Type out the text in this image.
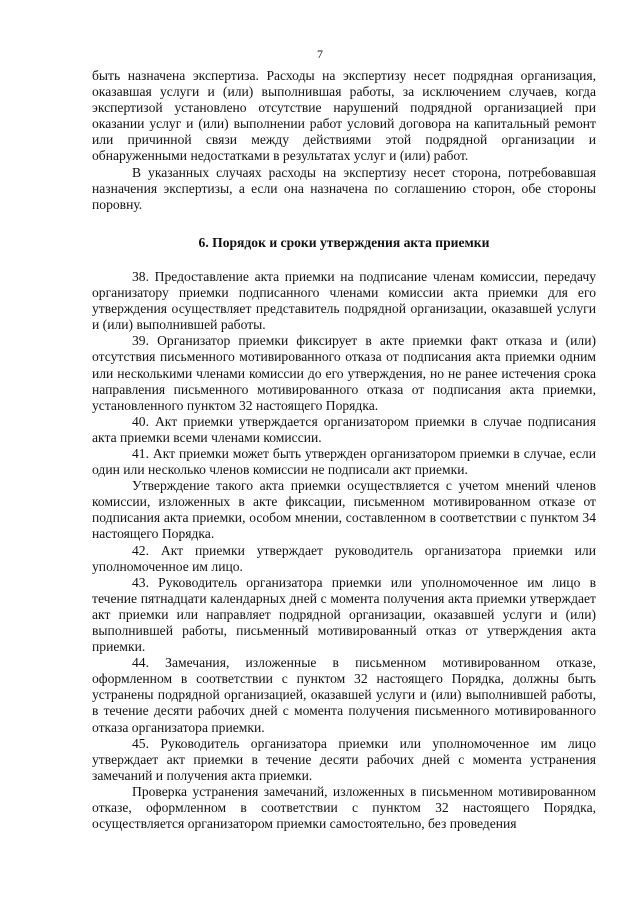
7

быть назначена экспертиза. Расходы на экспертизу несет подрядная организация, оказавшая услуги и (или) выполнившая работы, за исключением случаев, когда экспертизой установлено отсутствие нарушений подрядной организацией при оказании услуг и (или) выполнении работ условий договора на капитальный ремонт или причинной связи между действиями этой подрядной организации и обнаруженными недостатками в результатах услуг и (или) работ.

В указанных случаях расходы на экспертизу несет сторона, потребовавшая назначения экспертизы, а если она назначена по соглашению сторон, обе стороны поровну.

6. Порядок и сроки утверждения акта приемки

38. Предоставление акта приемки на подписание членам комиссии, передачу организатору приемки подписанного членами комиссии акта приемки для его утверждения осуществляет представитель подрядной организации, оказавшей услуги и (или) выполнившей работы.

39. Организатор приемки фиксирует в акте приемки факт отказа и (или) отсутствия письменного мотивированного отказа от подписания акта приемки одним или несколькими членами комиссии до его утверждения, но не ранее истечения срока направления письменного мотивированного отказа от подписания акта приемки, установленного пунктом 32 настоящего Порядка.

40. Акт приемки утверждается организатором приемки в случае подписания акта приемки всеми членами комиссии.

41. Акт приемки может быть утвержден организатором приемки в случае, если один или несколько членов комиссии не подписали акт приемки.

Утверждение такого акта приемки осуществляется с учетом мнений членов комиссии, изложенных в акте фиксации, письменном мотивированном отказе от подписания акта приемки, особом мнении, составленном в соответствии с пунктом 34 настоящего Порядка.

42. Акт приемки утверждает руководитель организатора приемки или уполномоченное им лицо.

43. Руководитель организатора приемки или уполномоченное им лицо в течение пятнадцати календарных дней с момента получения акта приемки утверждает акт приемки или направляет подрядной организации, оказавшей услуги и (или) выполнившей работы, письменный мотивированный отказ от утверждения акта приемки.

44. Замечания, изложенные в письменном мотивированном отказе, оформленном в соответствии с пунктом 32 настоящего Порядка, должны быть устранены подрядной организацией, оказавшей услуги и (или) выполнившей работы, в течение десяти рабочих дней с момента получения письменного мотивированного отказа организатора приемки.

45. Руководитель организатора приемки или уполномоченное им лицо утверждает акт приемки в течение десяти рабочих дней с момента устранения замечаний и получения акта приемки.

Проверка устранения замечаний, изложенных в письменном мотивированном отказе, оформленном в соответствии с пунктом 32 настоящего Порядка, осуществляется организатором приемки самостоятельно, без проведения
